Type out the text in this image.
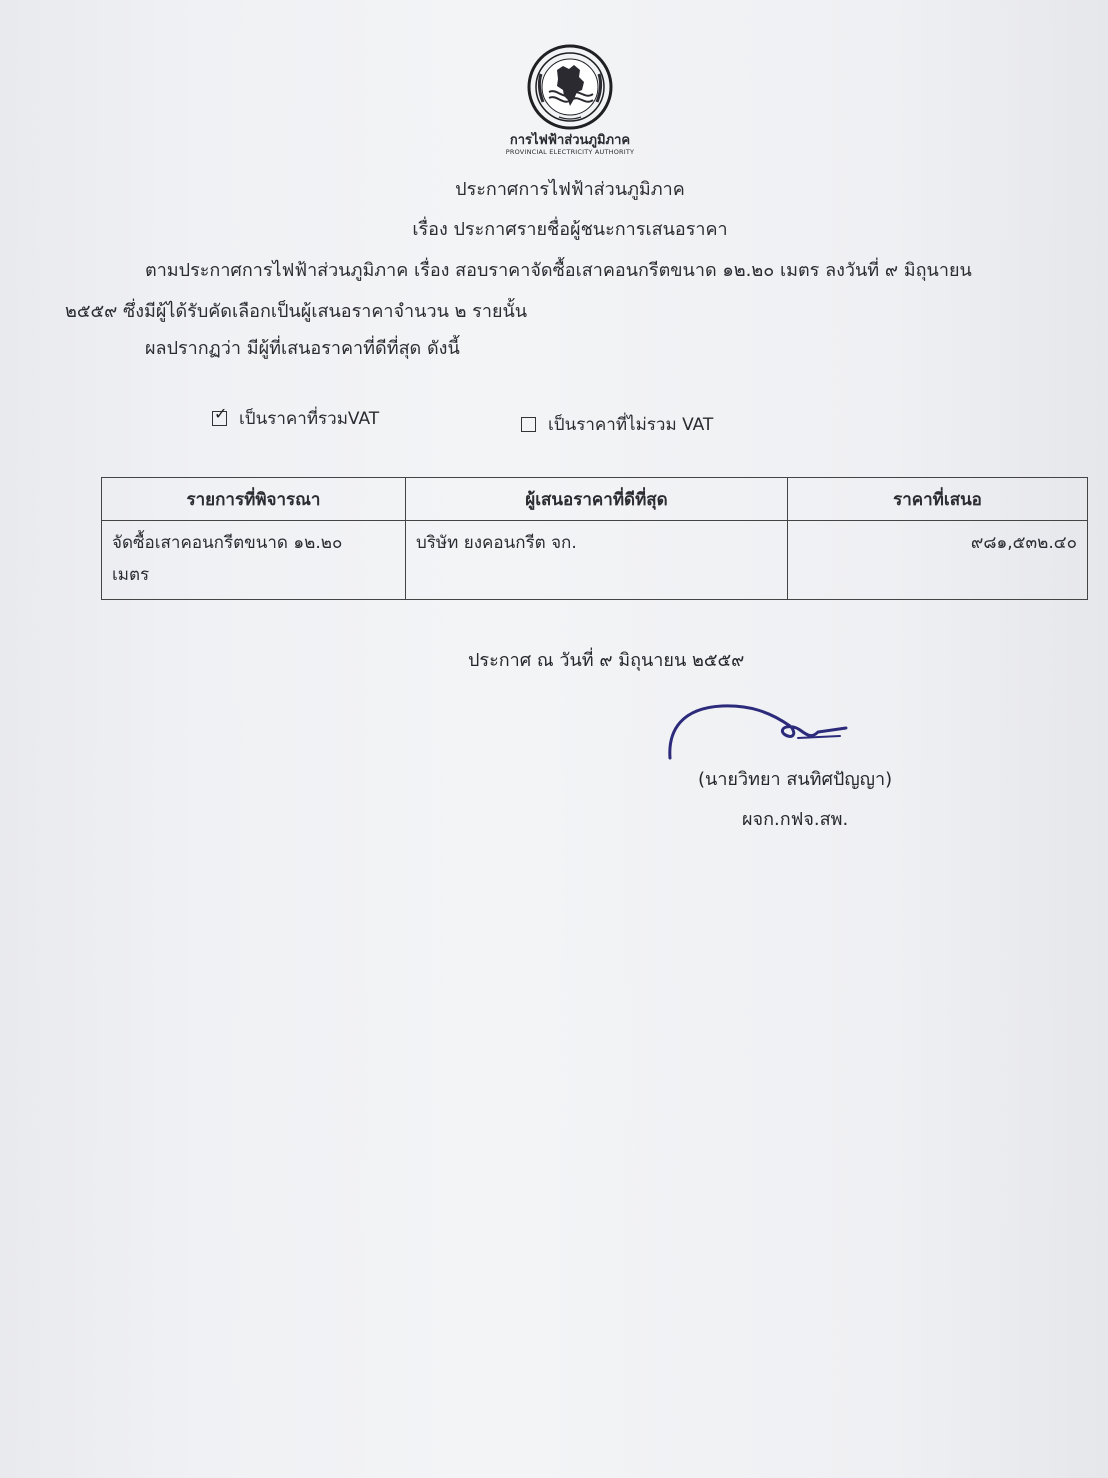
การไฟฟ้าส่วนภูมิภาค
PROVINCIAL ELECTRICITY AUTHORITY
ประกาศการไฟฟ้าส่วนภูมิภาค
เรื่อง ประกาศรายชื่อผู้ชนะการเสนอราคา
ตามประกาศการไฟฟ้าส่วนภูมิภาค เรื่อง สอบราคาจัดซื้อเสาคอนกรีตขนาด ๑๒.๒๐ เมตร ลงวันที่ ๙ มิถุนายน
๒๕๕๙ ซึ่งมีผู้ได้รับคัดเลือกเป็นผู้เสนอราคาจำนวน ๒ รายนั้น
ผลปรากฏว่า มีผู้ที่เสนอราคาที่ดีที่สุด ดังนี้
✓ เป็นราคาที่รวมVAT	เป็นราคาที่ไม่รวม VAT
รายการที่พิจารณา	ผู้เสนอราคาที่ดีที่สุด	ราคาที่เสนอ

จัดซื้อเสาคอนกรีตขนาด ๑๒.๒๐
เมตร	บริษัท ยงคอนกรีต จก.	๙๘๑,๕๓๒.๔๐
ประกาศ ณ วันที่ ๙ มิถุนายน ๒๕๕๙
(นายวิทยา สนทิศปัญญา)
ผจก.กฟจ.สพ.
